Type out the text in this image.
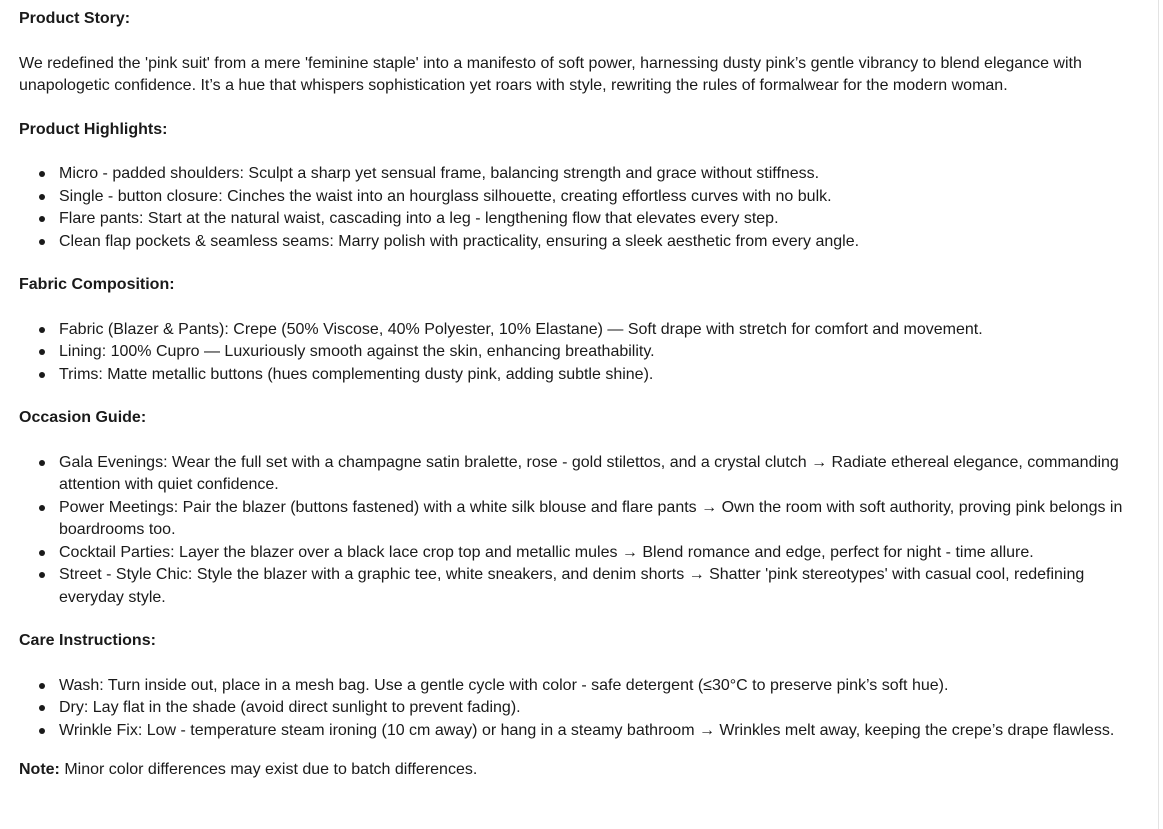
Product Story:

We redefined the 'pink suit' from a mere 'feminine staple' into a manifesto of soft power, harnessing dusty pink’s gentle vibrancy to blend elegance with unapologetic confidence. It’s a hue that whispers sophistication yet roars with style, rewriting the rules of formalwear for the modern woman.

Product Highlights:

Micro - padded shoulders: Sculpt a sharp yet sensual frame, balancing strength and grace without stiffness.
Single - button closure: Cinches the waist into an hourglass silhouette, creating effortless curves with no bulk.
Flare pants: Start at the natural waist, cascading into a leg - lengthening flow that elevates every step.
Clean flap pockets & seamless seams: Marry polish with practicality, ensuring a sleek aesthetic from every angle.

Fabric Composition:

Fabric (Blazer & Pants): Crepe (50% Viscose, 40% Polyester, 10% Elastane) — Soft drape with stretch for comfort and movement.
Lining: 100% Cupro — Luxuriously smooth against the skin, enhancing breathability.
Trims: Matte metallic buttons (hues complementing dusty pink, adding subtle shine).

Occasion Guide:

Gala Evenings: Wear the full set with a champagne satin bralette, rose - gold stilettos, and a crystal clutch → Radiate ethereal elegance, commanding attention with quiet confidence.
Power Meetings: Pair the blazer (buttons fastened) with a white silk blouse and flare pants → Own the room with soft authority, proving pink belongs in boardrooms too.
Cocktail Parties: Layer the blazer over a black lace crop top and metallic mules → Blend romance and edge, perfect for night - time allure.
Street - Style Chic: Style the blazer with a graphic tee, white sneakers, and denim shorts → Shatter 'pink stereotypes' with casual cool, redefining everyday style.

Care Instructions:

Wash: Turn inside out, place in a mesh bag. Use a gentle cycle with color - safe detergent (≤30°C to preserve pink’s soft hue).
Dry: Lay flat in the shade (avoid direct sunlight to prevent fading).
Wrinkle Fix: Low - temperature steam ironing (10 cm away) or hang in a steamy bathroom → Wrinkles melt away, keeping the crepe’s drape flawless.

Note: Minor color differences may exist due to batch differences.
